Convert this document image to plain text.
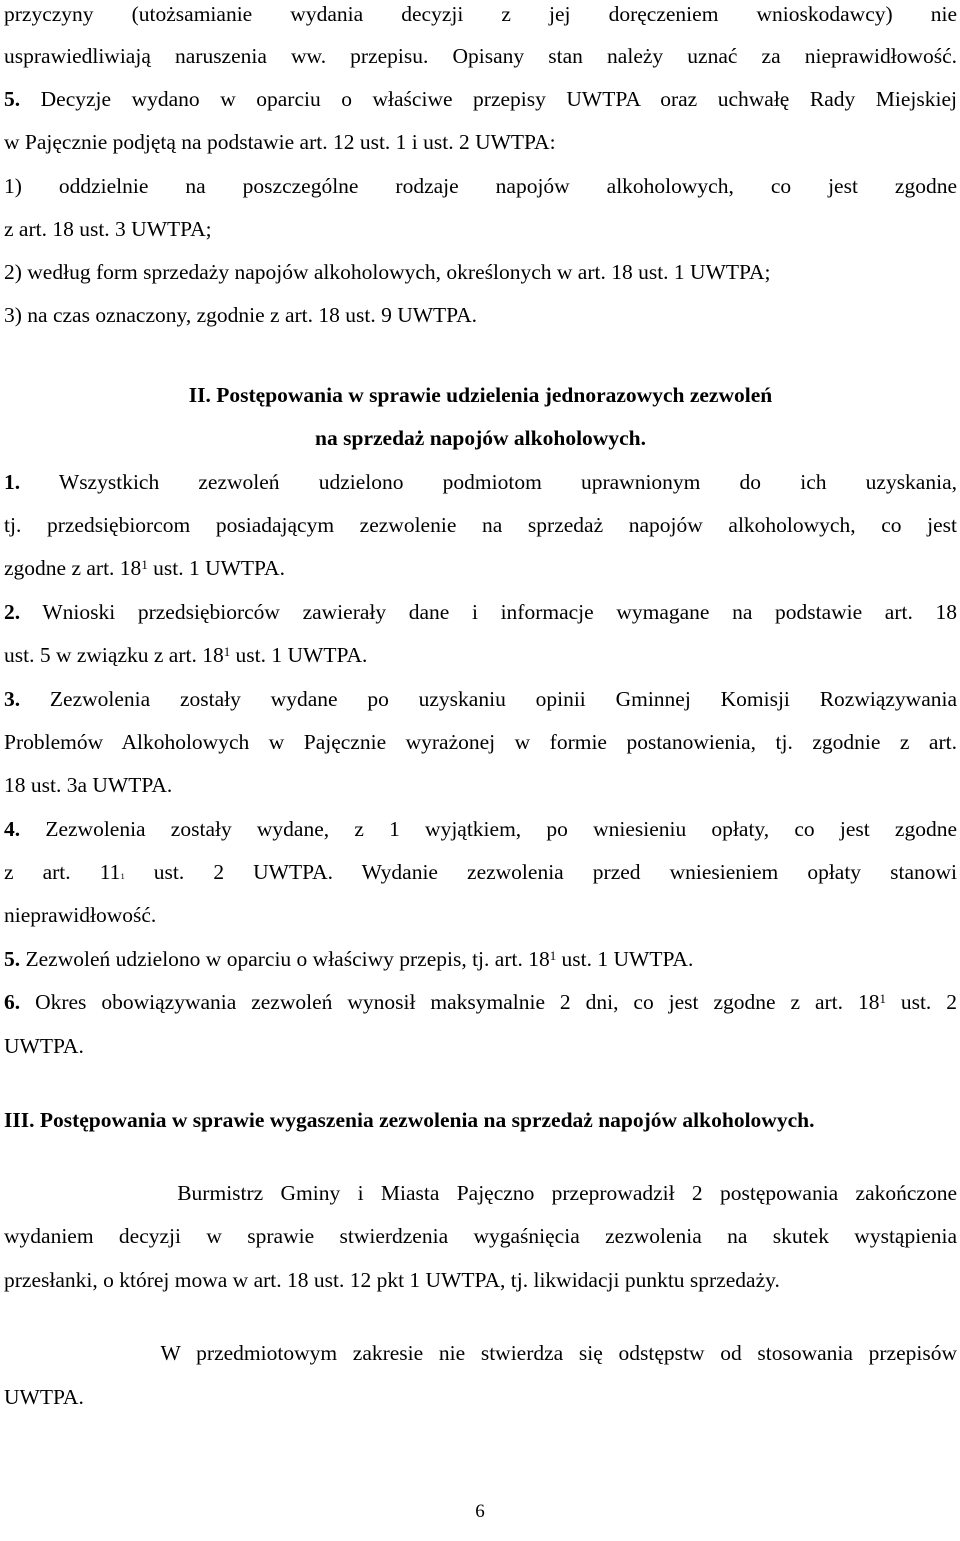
przyczyny (utożsamianie wydania decyzji z jej doręczeniem wnioskodawcy) nie
usprawiedliwiają naruszenia ww. przepisu. Opisany stan należy uznać za nieprawidłowość.
5. Decyzje wydano w oparciu o właściwe przepisy UWTPA oraz uchwałę Rady Miejskiej
w Pajęcznie podjętą na podstawie art. 12 ust. 1 i ust. 2 UWTPA:
1) oddzielnie na poszczególne rodzaje napojów alkoholowych, co jest zgodne
z art. 18 ust. 3 UWTPA;
2) według form sprzedaży napojów alkoholowych, określonych w art. 18 ust. 1 UWTPA;
3) na czas oznaczony, zgodnie z art. 18 ust. 9 UWTPA.
II. Postępowania w sprawie udzielenia jednorazowych zezwoleń
na sprzedaż napojów alkoholowych.
1. Wszystkich zezwoleń udzielono podmiotom uprawnionym do ich uzyskania,
tj. przedsiębiorcom posiadającym zezwolenie na sprzedaż napojów alkoholowych, co jest
zgodne z art. $18^1$ ust. 1 UWTPA.
2. Wnioski przedsiębiorców zawierały dane i informacje wymagane na podstawie art. 18
ust. 5 w związku z art. $18^1$ ust. 1 UWTPA.
3. Zezwolenia zostały wydane po uzyskaniu opinii Gminnej Komisji Rozwiązywania
Problemów Alkoholowych w Pajęcznie wyrażonej w formie postanowienia, tj. zgodnie z art.
18 ust. 3a UWTPA.
4. Zezwolenia zostały wydane, z 1 wyjątkiem, po wniesieniu opłaty, co jest zgodne
z art. 111 ust. 2 UWTPA. Wydanie zezwolenia przed wniesieniem opłaty stanowi
nieprawidłowość.
5. Zezwoleń udzielono w oparciu o właściwy przepis, tj. art. $18^1$ ust. 1 UWTPA.
6. Okres obowiązywania zezwoleń wynosił maksymalnie 2 dni, co jest zgodne z art. $18^1$ ust. 2
UWTPA.
III. Postępowania w sprawie wygaszenia zezwolenia na sprzedaż napojów alkoholowych.
Burmistrz Gminy i Miasta Pajęczno przeprowadził 2 postępowania zakończone
wydaniem decyzji w sprawie stwierdzenia wygaśnięcia zezwolenia na skutek wystąpienia
przesłanki, o której mowa w art. 18 ust. 12 pkt 1 UWTPA, tj. likwidacji punktu sprzedaży.
W przedmiotowym zakresie nie stwierdza się odstępstw od stosowania przepisów
UWTPA.
6
